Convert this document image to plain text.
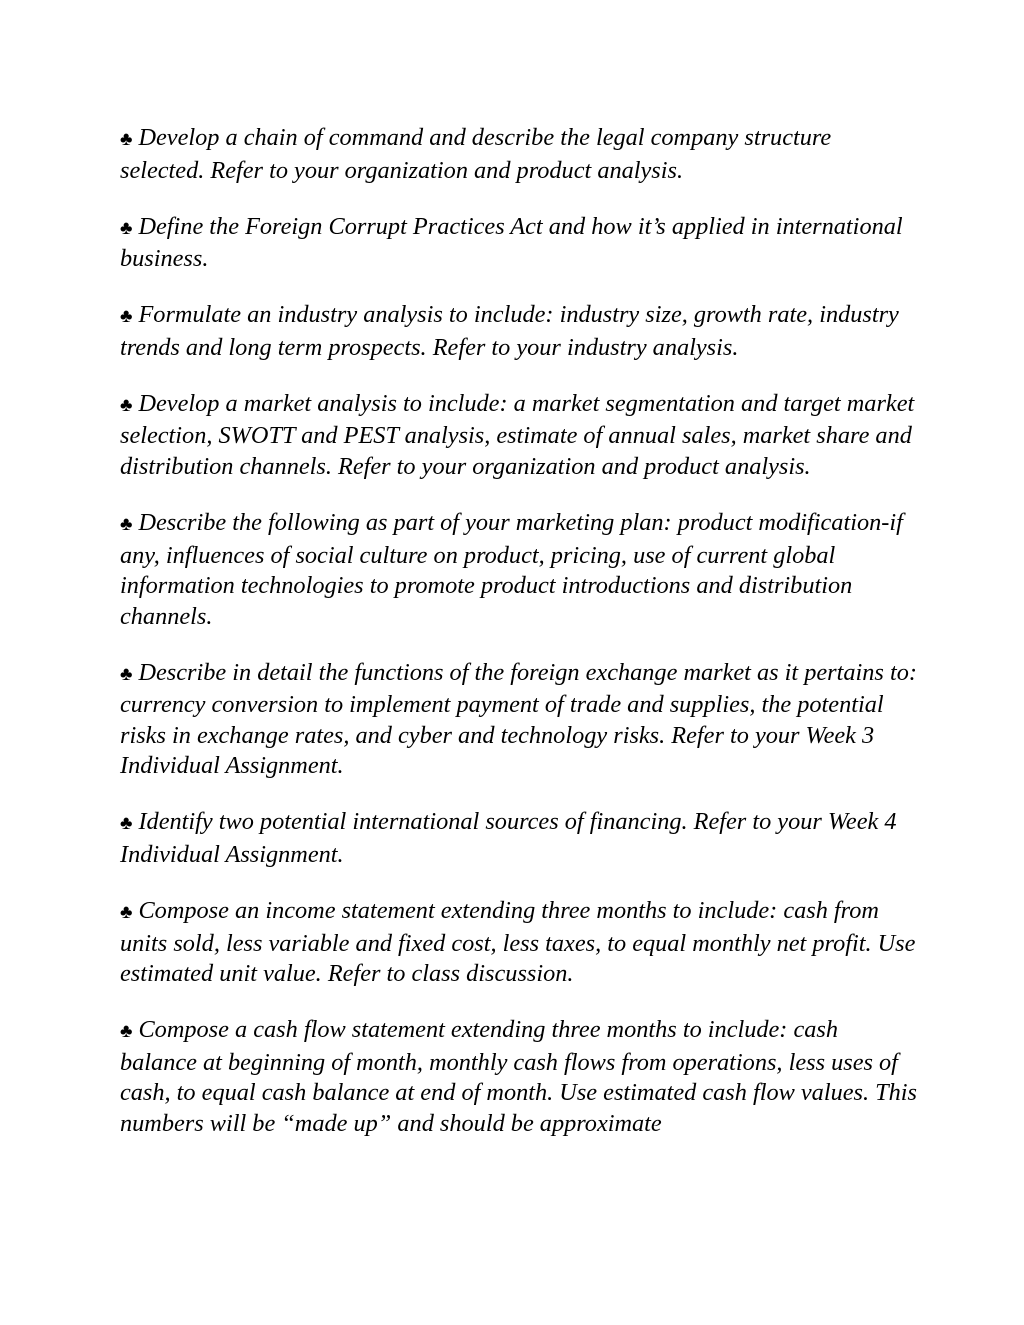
♣ Develop a chain of command and describe the legal company structure selected. Refer to your organization and product analysis.

♣ Define the Foreign Corrupt Practices Act and how it’s applied in international business.

♣ Formulate an industry analysis to include: industry size, growth rate, industry trends and long term prospects. Refer to your industry analysis.

♣ Develop a market analysis to include: a market segmentation and target market selection, SWOTT and PEST analysis, estimate of annual sales, market share and distribution channels. Refer to your organization and product analysis.

♣ Describe the following as part of your marketing plan: product modification-if any, influences of social culture on product, pricing, use of current global information technologies to promote product introductions and distribution channels.

♣ Describe in detail the functions of the foreign exchange market as it pertains to: currency conversion to implement payment of trade and supplies, the potential risks in exchange rates, and cyber and technology risks. Refer to your Week 3 Individual Assignment.

♣ Identify two potential international sources of financing. Refer to your Week 4 Individual Assignment.

♣ Compose an income statement extending three months to include: cash from units sold, less variable and fixed cost, less taxes, to equal monthly net profit. Use estimated unit value. Refer to class discussion.

♣ Compose a cash flow statement extending three months to include: cash balance at beginning of month, monthly cash flows from operations, less uses of cash, to equal cash balance at end of month. Use estimated cash flow values. This numbers will be “made up” and should be approximate
